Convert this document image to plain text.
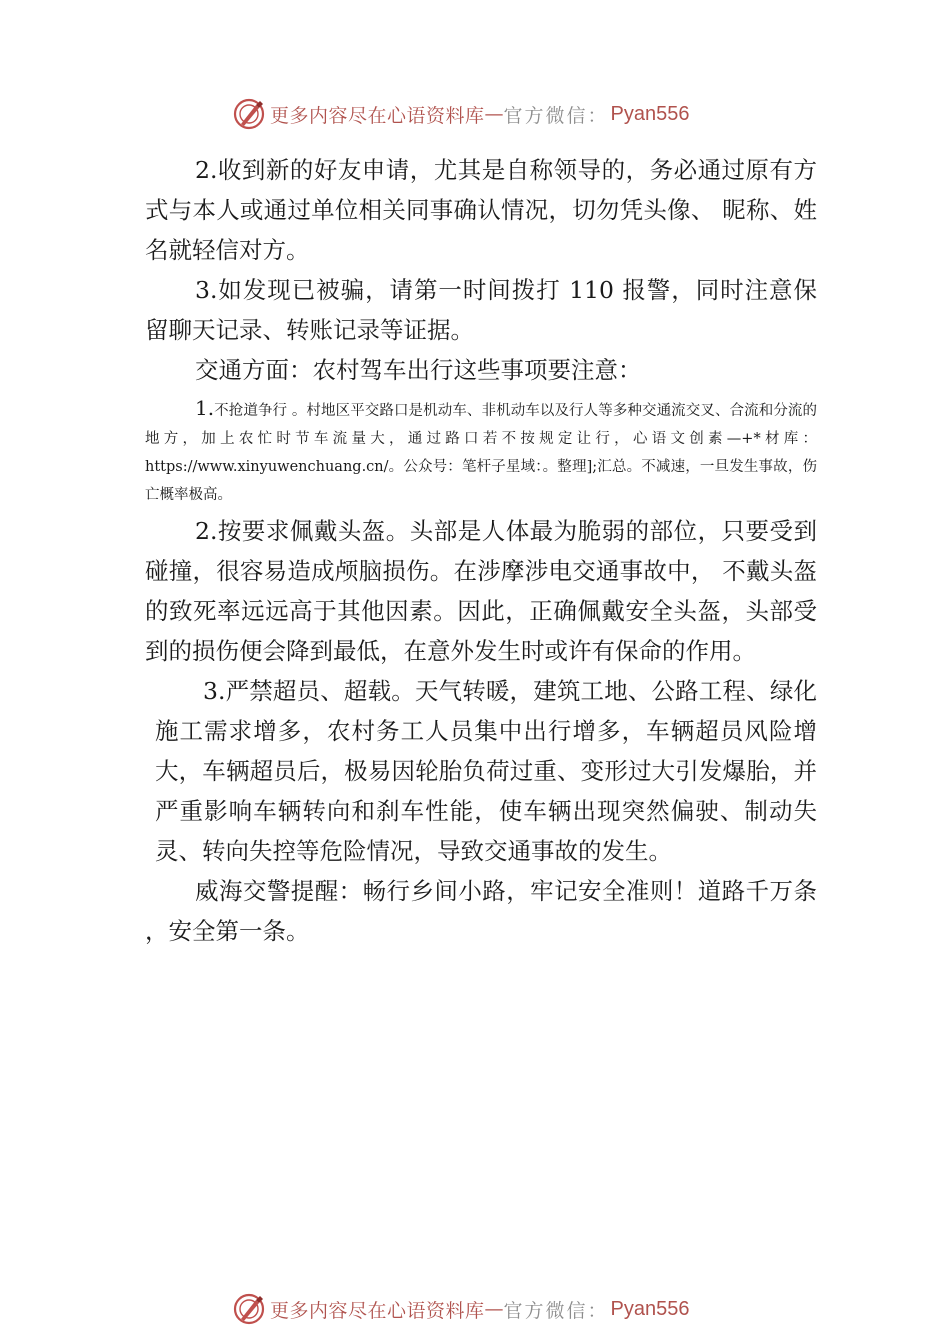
更多内容尽在心语资料库 — 官方微信： Pyan556

2.收到新的好友申请，尤其是自称领导的，务必通过原有方式与本人或通过单位相关同事确认情况，切勿凭头像、 昵称、姓名就轻信对方。

3.如发现已被骗，请第一时间拨打 110 报警，同时注意保留聊天记录、转账记录等证据。

交通方面：农村驾车出行这些事项要注意：

1.不抢道争行 。村地区平交路口是机动车、非机动车以及行人等多种交通流交叉、合流和分流的地方，加上农忙时节车流量大，通过路口若不按规定让行，心语文创素—+*材库：https://www.xinyuwenchuang.cn/。公众号：笔杆子星域：。整理];汇总。不减速，一旦发生事故，伤亡概率极高。

2.按要求佩戴头盔。头部是人体最为脆弱的部位，只要受到碰撞，很容易造成颅脑损伤。在涉摩涉电交通事故中， 不戴头盔的致死率远远高于其他因素。因此，正确佩戴安全头盔，头部受到的损伤便会降到最低，在意外发生时或许有保命的作用。

3.严禁超员、超载。天气转暖，建筑工地、公路工程、绿化施工需求增多，农村务工人员集中出行增多，车辆超员风险增大，车辆超员后，极易因轮胎负荷过重、变形过大引发爆胎，并严重影响车辆转向和刹车性能，使车辆出现突然偏驶、制动失灵、转向失控等危险情况，导致交通事故的发生。

威海交警提醒：畅行乡间小路，牢记安全准则！道路千万条 ，安全第一条。

更多内容尽在心语资料库 — 官方微信： Pyan556
